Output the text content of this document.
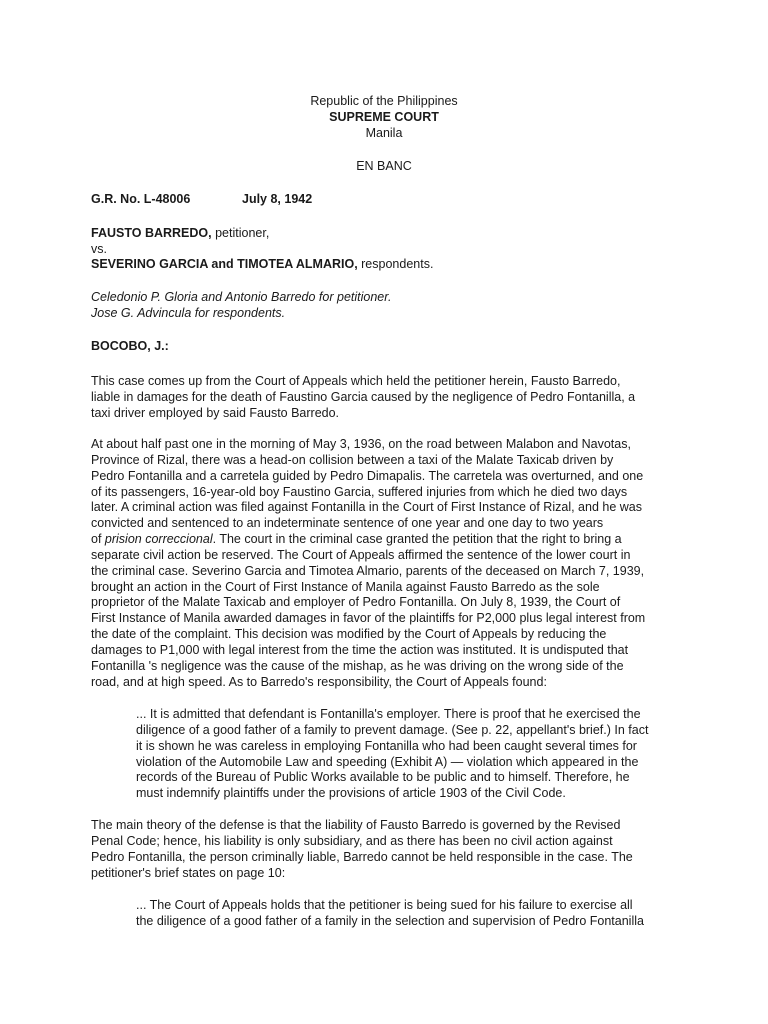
Republic of the Philippines
SUPREME COURT
Manila
EN BANC
G.R. No. L-48006	July 8, 1942
FAUSTO BARREDO, petitioner,
vs.
SEVERINO GARCIA and TIMOTEA ALMARIO, respondents.
Celedonio P. Gloria and Antonio Barredo for petitioner.
Jose G. Advincula for respondents.
BOCOBO, J.:
This case comes up from the Court of Appeals which held the petitioner herein, Fausto Barredo,
liable in damages for the death of Faustino Garcia caused by the negligence of Pedro Fontanilla, a
taxi driver employed by said Fausto Barredo.
At about half past one in the morning of May 3, 1936, on the road between Malabon and Navotas,
Province of Rizal, there was a head-on collision between a taxi of the Malate Taxicab driven by
Pedro Fontanilla and a carretela guided by Pedro Dimapalis. The carretela was overturned, and one
of its passengers, 16-year-old boy Faustino Garcia, suffered injuries from which he died two days
later. A criminal action was filed against Fontanilla in the Court of First Instance of Rizal, and he was
convicted and sentenced to an indeterminate sentence of one year and one day to two years
of prision correccional. The court in the criminal case granted the petition that the right to bring a
separate civil action be reserved. The Court of Appeals affirmed the sentence of the lower court in
the criminal case. Severino Garcia and Timotea Almario, parents of the deceased on March 7, 1939,
brought an action in the Court of First Instance of Manila against Fausto Barredo as the sole
proprietor of the Malate Taxicab and employer of Pedro Fontanilla. On July 8, 1939, the Court of
First Instance of Manila awarded damages in favor of the plaintiffs for P2,000 plus legal interest from
the date of the complaint. This decision was modified by the Court of Appeals by reducing the
damages to P1,000 with legal interest from the time the action was instituted. It is undisputed that
Fontanilla 's negligence was the cause of the mishap, as he was driving on the wrong side of the
road, and at high speed. As to Barredo's responsibility, the Court of Appeals found:
... It is admitted that defendant is Fontanilla's employer. There is proof that he exercised the
diligence of a good father of a family to prevent damage. (See p. 22, appellant's brief.) In fact
it is shown he was careless in employing Fontanilla who had been caught several times for
violation of the Automobile Law and speeding (Exhibit A) — violation which appeared in the
records of the Bureau of Public Works available to be public and to himself. Therefore, he
must indemnify plaintiffs under the provisions of article 1903 of the Civil Code.
The main theory of the defense is that the liability of Fausto Barredo is governed by the Revised
Penal Code; hence, his liability is only subsidiary, and as there has been no civil action against
Pedro Fontanilla, the person criminally liable, Barredo cannot be held responsible in the case. The
petitioner's brief states on page 10:
... The Court of Appeals holds that the petitioner is being sued for his failure to exercise all
the diligence of a good father of a family in the selection and supervision of Pedro Fontanilla
